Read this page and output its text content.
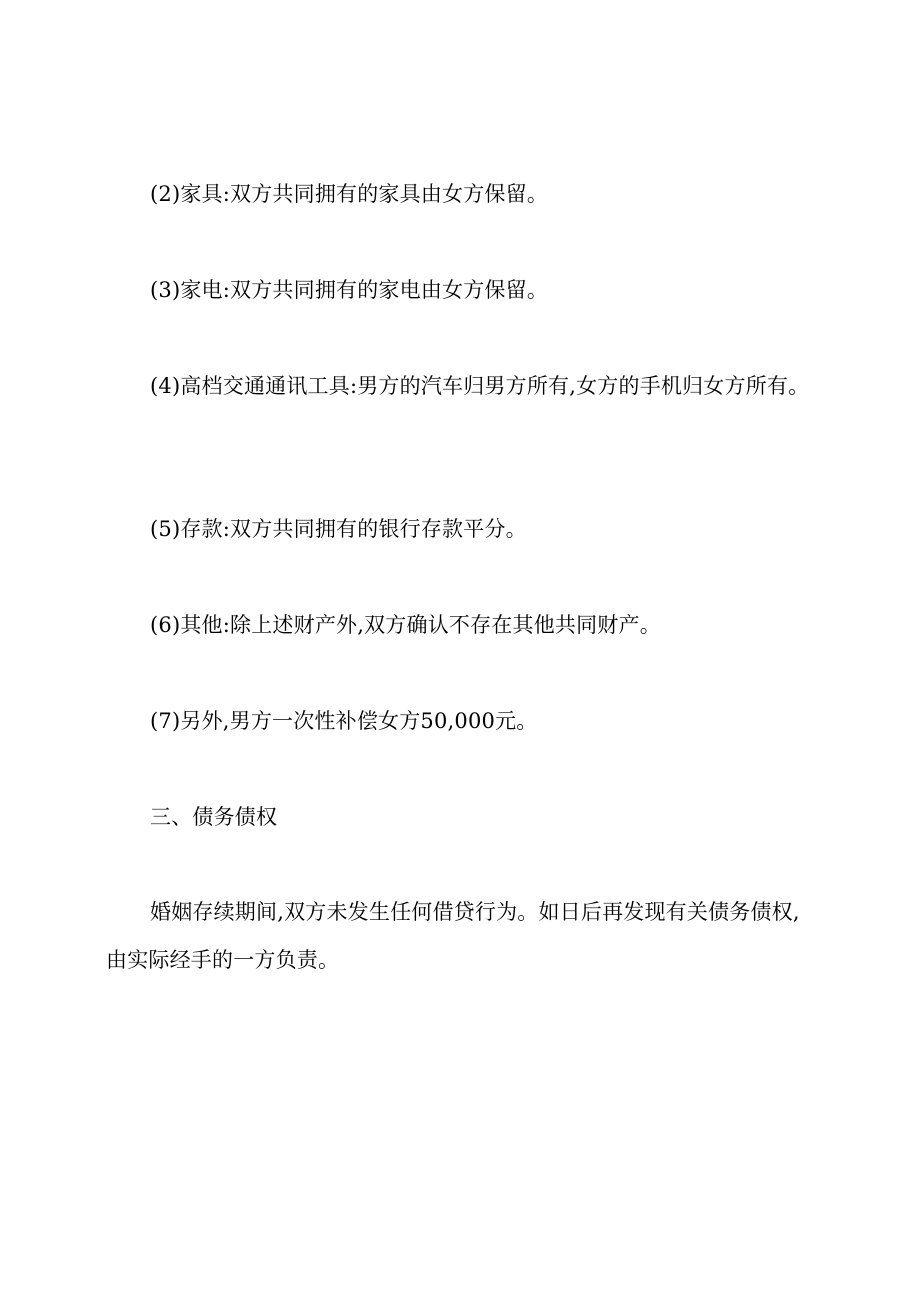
(2)家具:双方共同拥有的家具由女方保留。

(3)家电:双方共同拥有的家电由女方保留。

(4)高档交通通讯工具:男方的汽车归男方所有,女方的手机归女方所有。

(5)存款:双方共同拥有的银行存款平分。

(6)其他:除上述财产外,双方确认不存在其他共同财产。

(7)另外,男方一次性补偿女方50,000元。

三、债务债权

婚姻存续期间,双方未发生任何借贷行为。如日后再发现有关债务债权,由实际经手的一方负责。
